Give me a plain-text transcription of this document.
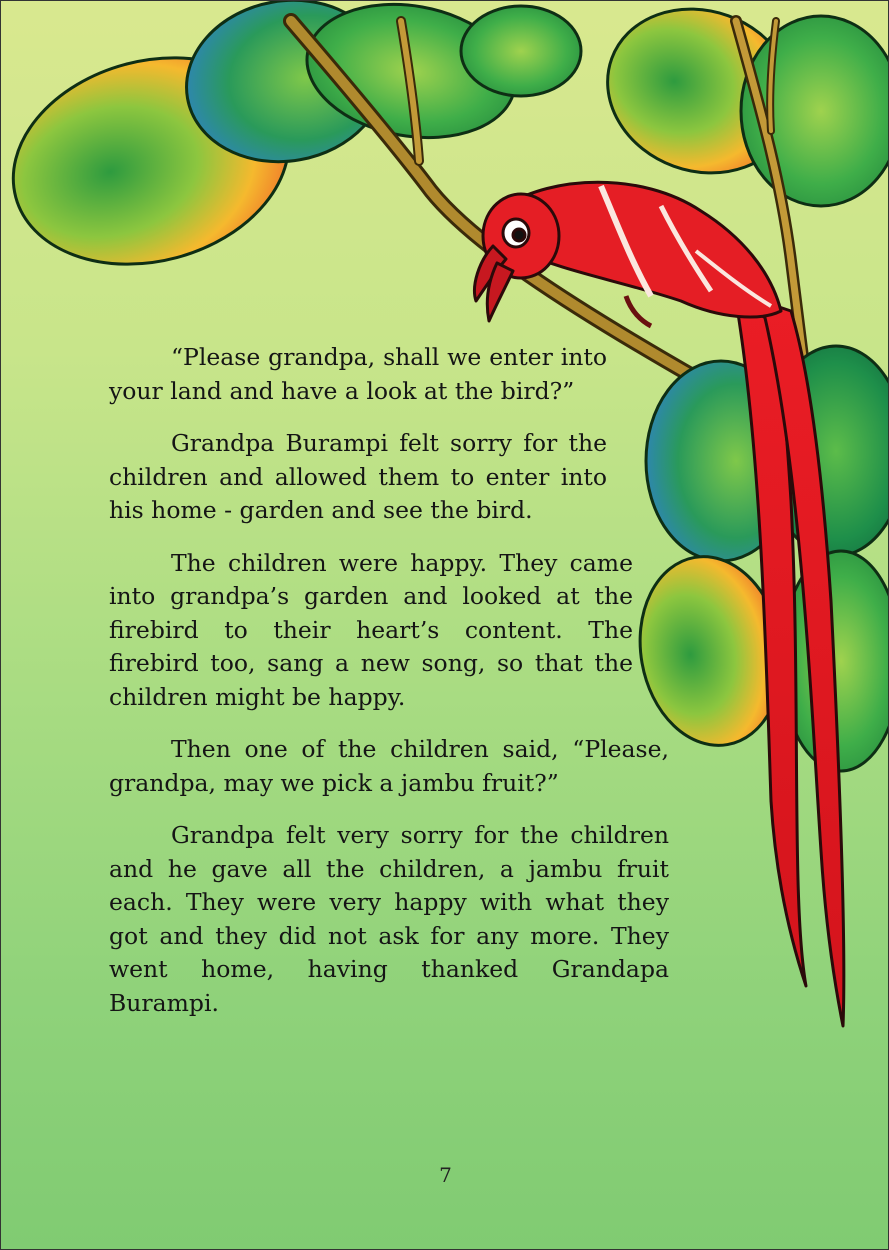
“Please grandpa, shall we enter into your land and have a look at the bird?”

Grandpa Burampi felt sorry for the children and allowed them to enter into his home - garden and see the bird.

The children were happy. They came into grandpa’s garden and looked at the firebird to their heart’s content. The firebird too, sang a new song, so that the children might be happy.

Then one of the children said, “Please, grandpa, may we pick a jambu fruit?”

Grandpa felt very sorry for the children and he gave all the children, a jambu fruit each. They were very happy with what they got and they did not ask for any more. They went home, having thanked Grandapa Burampi.

7
